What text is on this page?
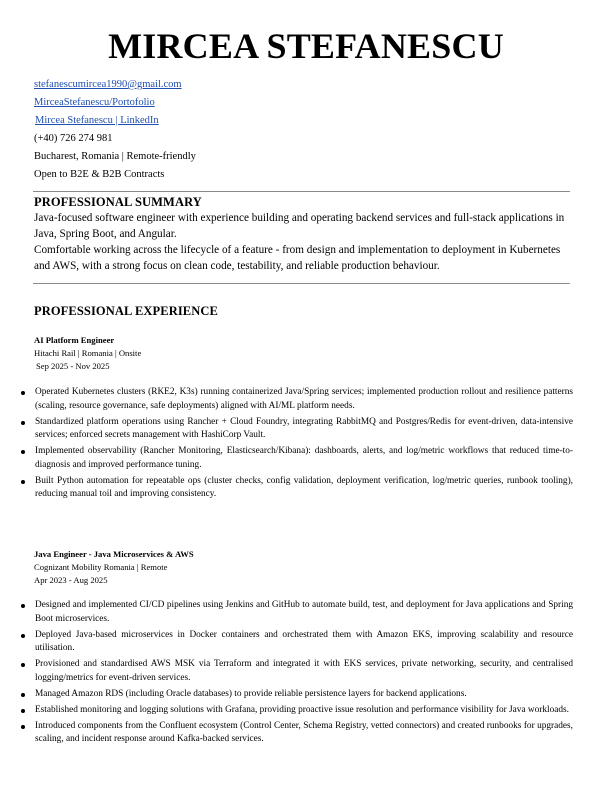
MIRCEA STEFANESCU
stefanescumircea1990@gmail.com
MirceaStefanescu/Portofolio
Mircea Stefanescu | LinkedIn
(+40) 726 274 981
Bucharest, Romania | Remote-friendly
Open to B2E & B2B Contracts
PROFESSIONAL SUMMARY

Java-focused software engineer with experience building and operating backend services and full-stack applications in Java, Spring Boot, and Angular.

Comfortable working across the lifecycle of a feature - from design and implementation to deployment in Kubernetes and AWS, with a strong focus on clean code, testability, and reliable production behaviour.

PROFESSIONAL EXPERIENCE
AI Platform Engineer
Hitachi Rail | Romania | Onsite
Sep 2025 - Nov 2025
Operated Kubernetes clusters (RKE2, K3s) running containerized Java/Spring services; implemented production rollout and resilience patterns (scaling, resource governance, safe deployments) aligned with AI/ML platform needs.
Standardized platform operations using Rancher + Cloud Foundry, integrating RabbitMQ and Postgres/Redis for event-driven, data-intensive services; enforced secrets management with HashiCorp Vault.
Implemented observability (Rancher Monitoring, Elasticsearch/Kibana): dashboards, alerts, and log/metric workflows that reduced time-to-diagnosis and improved performance tuning.
Built Python automation for repeatable ops (cluster checks, config validation, deployment verification, log/metric queries, runbook tooling), reducing manual toil and improving consistency.
Java Engineer - Java Microservices & AWS
Cognizant Mobility Romania | Remote
Apr 2023 - Aug 2025
Designed and implemented CI/CD pipelines using Jenkins and GitHub to automate build, test, and deployment for Java applications and Spring Boot microservices.
Deployed Java-based microservices in Docker containers and orchestrated them with Amazon EKS, improving scalability and resource utilisation.
Provisioned and standardised AWS MSK via Terraform and integrated it with EKS services, private networking, security, and centralised logging/metrics for event-driven services.
Managed Amazon RDS (including Oracle databases) to provide reliable persistence layers for backend applications.
Established monitoring and logging solutions with Grafana, providing proactive issue resolution and performance visibility for Java workloads.
Introduced components from the Confluent ecosystem (Control Center, Schema Registry, vetted connectors) and created runbooks for upgrades, scaling, and incident response around Kafka-backed services.
